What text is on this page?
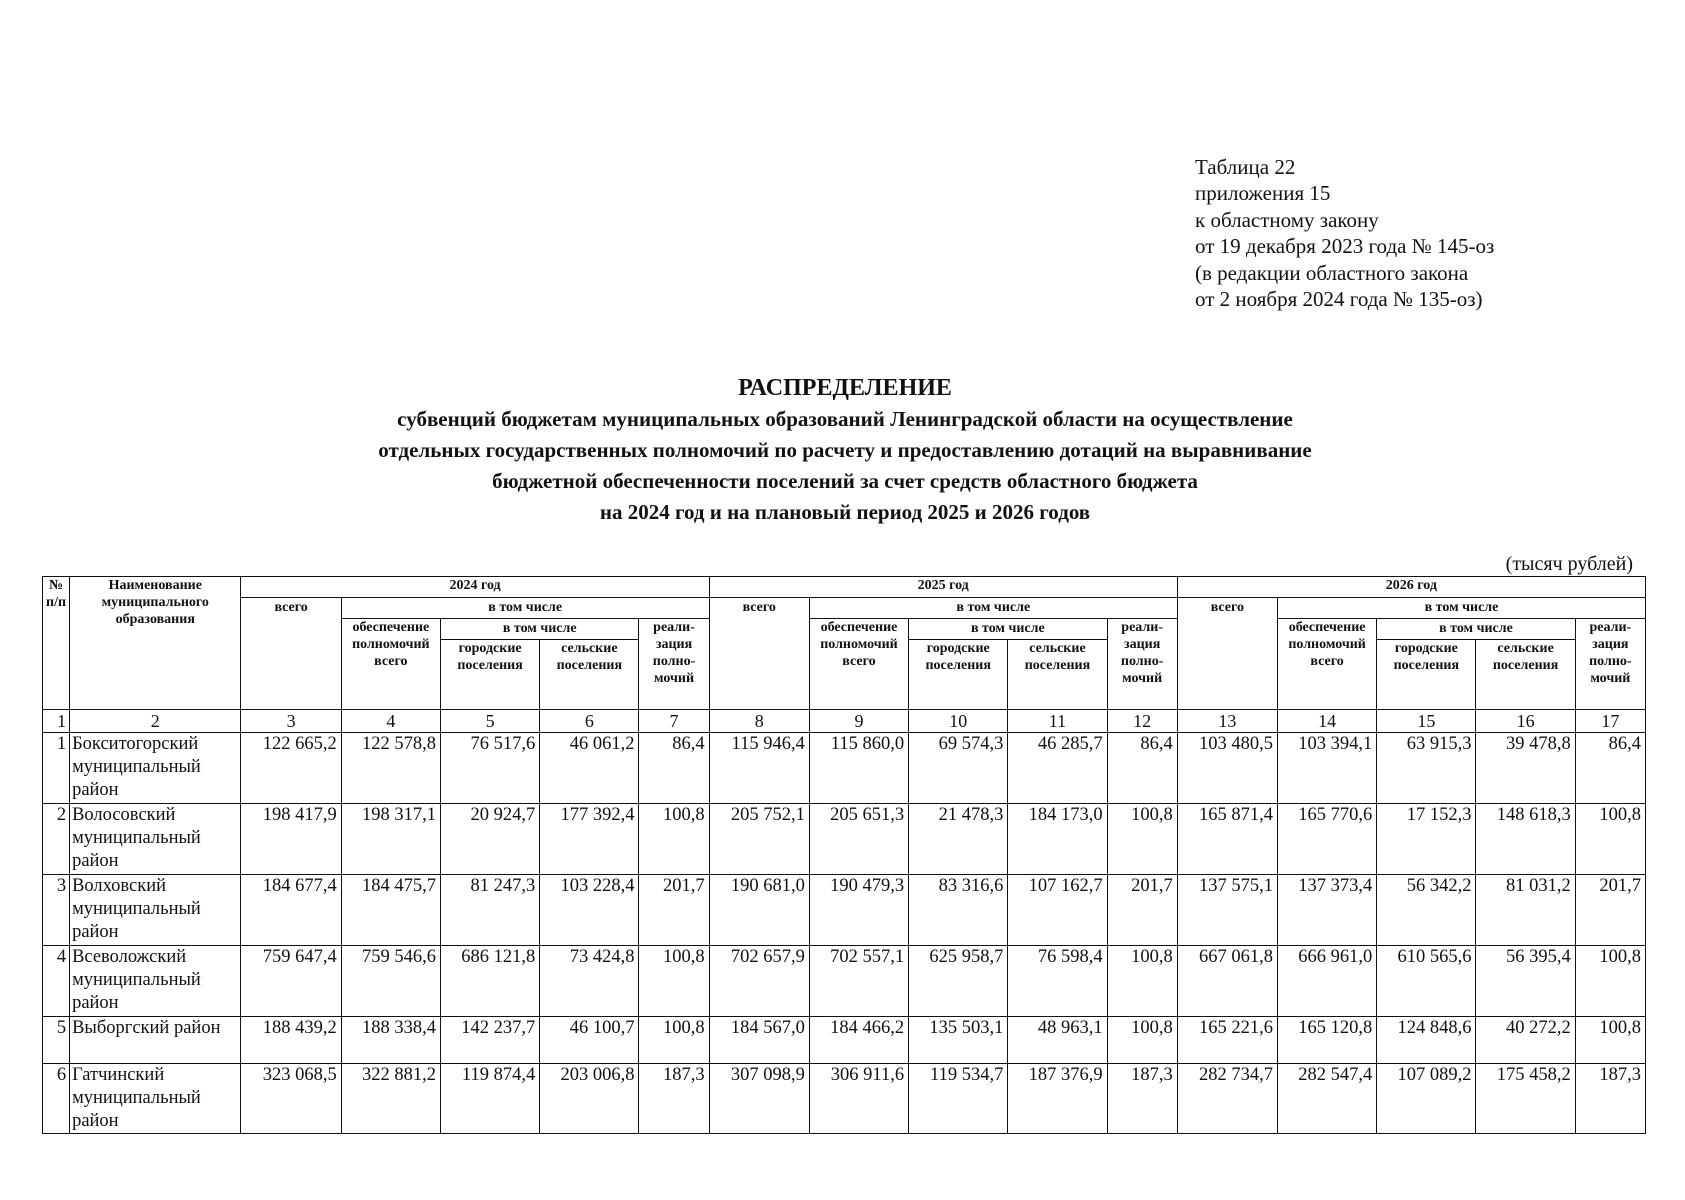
Таблица 22
приложения 15
к областному закону
от 19 декабря 2023 года № 145-оз
(в редакции областного закона
от 2 ноября 2024 года № 135-оз)
РАСПРЕДЕЛЕНИЕ
субвенций бюджетам муниципальных образований Ленинградской области на осуществление
отдельных государственных полномочий по расчету и предоставлению дотаций на выравнивание
бюджетной обеспеченности поселений за счет средств областного бюджета
на 2024 год и на плановый период 2025 и 2026 годов
(тысяч рублей)
№ п/п	Наименование муниципального образования	2024 год					2025 год					2026 год				
		всего	в том числе				всего	в том числе				всего	в том числе			
			обеспечение полномочий всего	в том числе		реали- зация полно- мочий		обеспечение полномочий всего	в том числе		реали- зация полно- мочий		обеспечение полномочий всего	в том числе		реали- зация полно- мочий
				городские поселения	сельские поселения				городские поселения	сельские поселения				городские поселения	сельские поселения	
1	2	3	4	5	6	7	8	9	10	11	12	13	14	15	16	17
1	Бокситогорский муниципальный район	122 665,2	122 578,8	76 517,6	46 061,2	86,4	115 946,4	115 860,0	69 574,3	46 285,7	86,4	103 480,5	103 394,1	63 915,3	39 478,8	86,4
2	Волосовский муниципальный район	198 417,9	198 317,1	20 924,7	177 392,4	100,8	205 752,1	205 651,3	21 478,3	184 173,0	100,8	165 871,4	165 770,6	17 152,3	148 618,3	100,8
3	Волховский муниципальный район	184 677,4	184 475,7	81 247,3	103 228,4	201,7	190 681,0	190 479,3	83 316,6	107 162,7	201,7	137 575,1	137 373,4	56 342,2	81 031,2	201,7
4	Всеволожский муниципальный район	759 647,4	759 546,6	686 121,8	73 424,8	100,8	702 657,9	702 557,1	625 958,7	76 598,4	100,8	667 061,8	666 961,0	610 565,6	56 395,4	100,8
5	Выборгский район	188 439,2	188 338,4	142 237,7	46 100,7	100,8	184 567,0	184 466,2	135 503,1	48 963,1	100,8	165 221,6	165 120,8	124 848,6	40 272,2	100,8
6	Гатчинский муниципальный район	323 068,5	322 881,2	119 874,4	203 006,8	187,3	307 098,9	306 911,6	119 534,7	187 376,9	187,3	282 734,7	282 547,4	107 089,2	175 458,2	187,3
